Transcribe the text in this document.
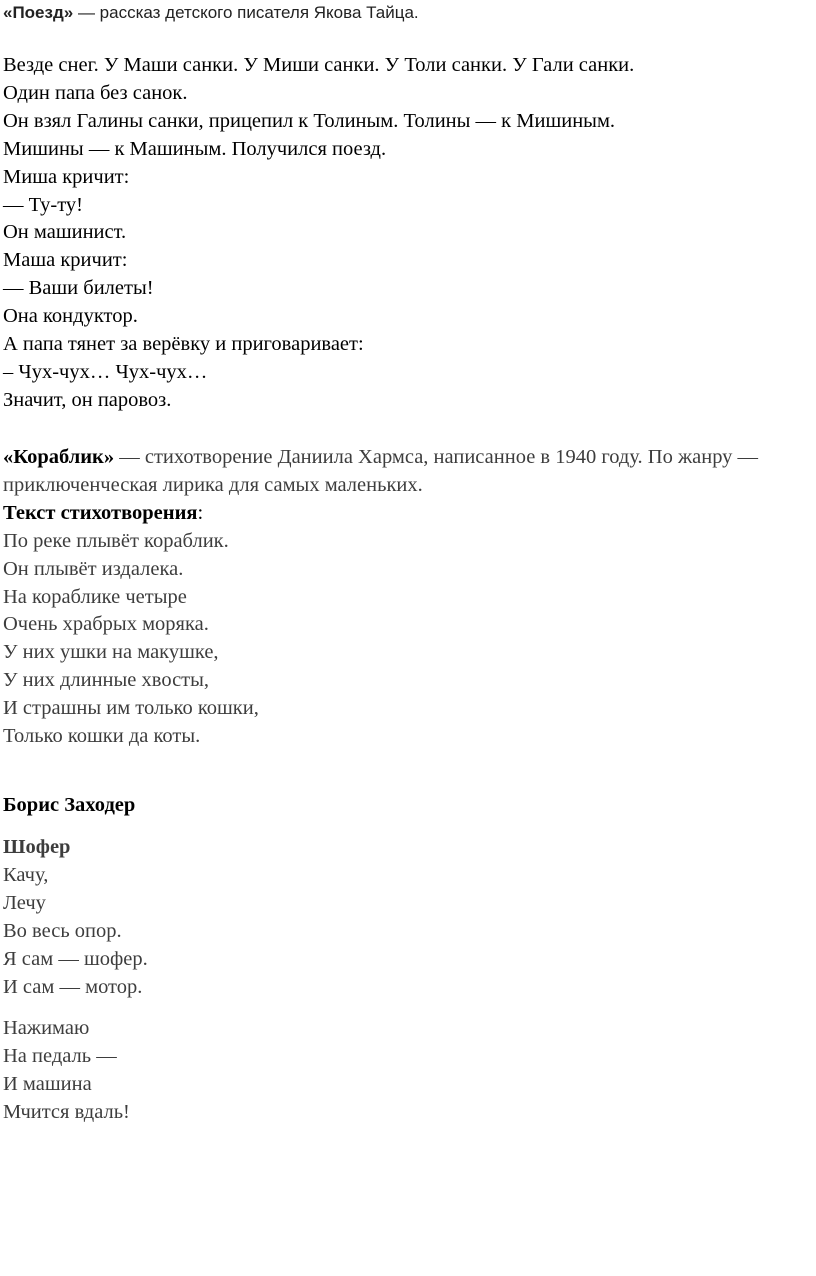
«Поезд» — рассказ детского писателя Якова Тайца.
Везде снег. У Маши санки. У Миши санки. У Толи санки. У Гали санки.
Один папа без санок.
Он взял Галины санки, прицепил к Толиным. Толины — к Мишиным.
Мишины — к Машиным. Получился поезд.
Миша кричит:
— Ту-ту!
Он машинист.
Маша кричит:
— Ваши билеты!
Она кондуктор.
А папа тянет за верёвку и приговаривает:
– Чух-чух… Чух-чух…
Значит, он паровоз.
«Кораблик» — стихотворение Даниила Хармса, написанное в 1940 году. По жанру — приключенческая лирика для самых маленьких.
Текст стихотворения:
По реке плывёт кораблик.
Он плывёт издалека.
На кораблике четыре
Очень храбрых моряка.
У них ушки на макушке,
У них длинные хвосты,
И страшны им только кошки,
Только кошки да коты.
Борис Заходер
Шофер
Качу,
Лечу
Во весь опор.
Я сам — шофер.
И сам — мотор.
Нажимаю
На педаль —
И машина
Мчится вдаль!
